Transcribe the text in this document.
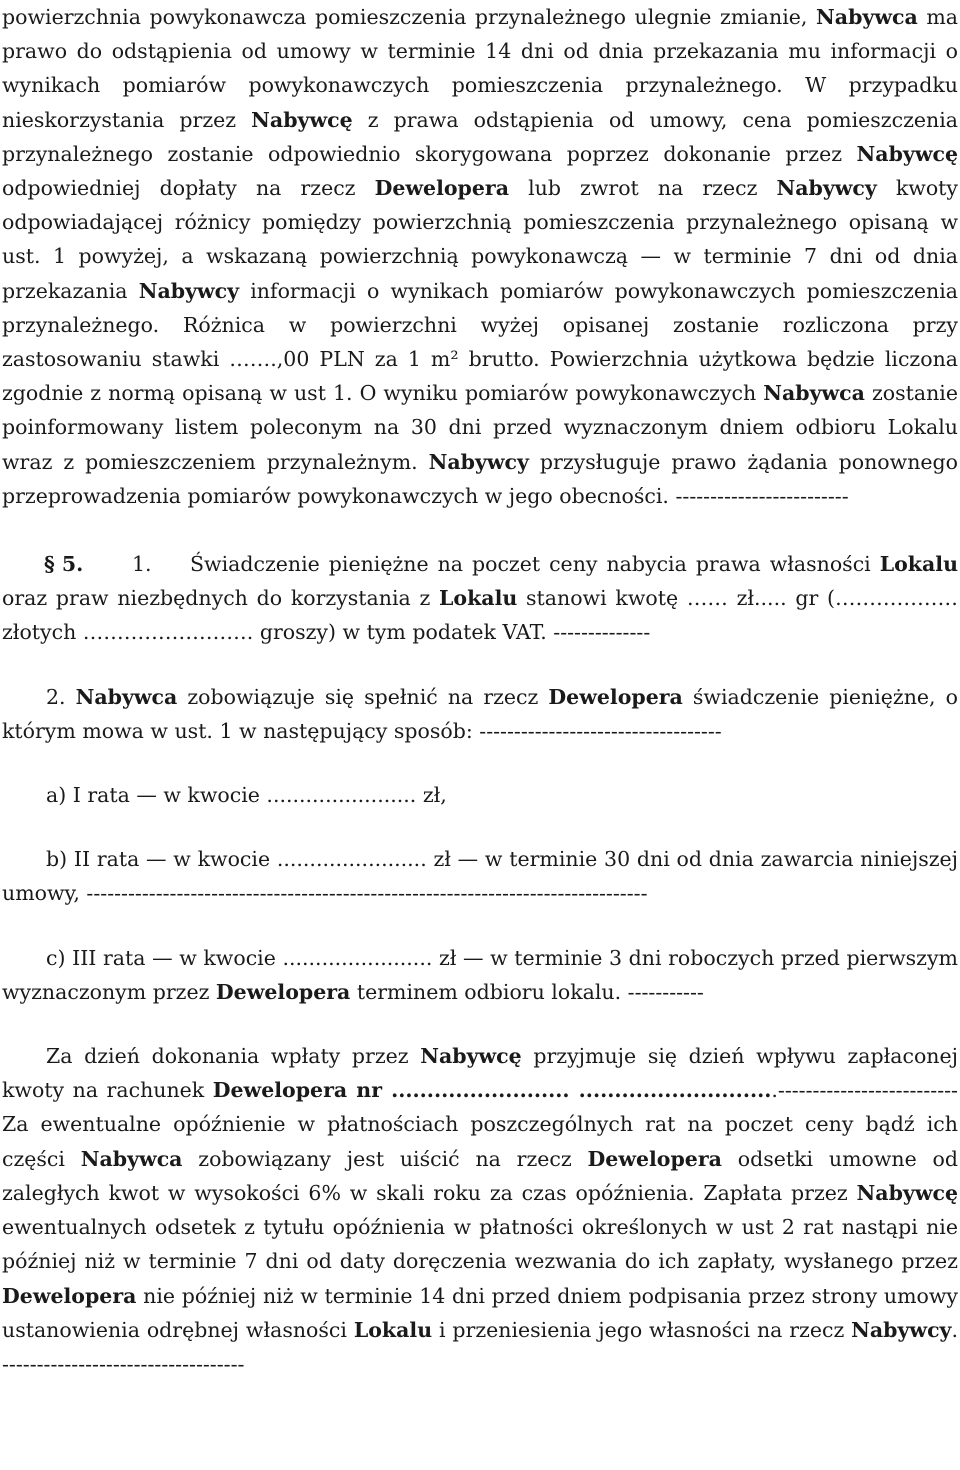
powierzchnia powykonawcza pomieszczenia przynależnego ulegnie zmianie, Nabywca ma prawo do odstąpienia od umowy w terminie 14 dni od dnia przekazania mu informacji o wynikach pomiarów powykonawczych pomieszczenia przynależnego. W przypadku nieskorzystania przez Nabywcę z prawa odstąpienia od umowy, cena pomieszczenia przynależnego zostanie odpowiednio skorygowana poprzez dokonanie przez Nabywcę odpowiedniej dopłaty na rzecz Dewelopera lub zwrot na rzecz Nabywcy kwoty odpowiadającej różnicy pomiędzy powierzchnią pomieszczenia przynależnego opisaną w ust. 1 powyżej, a wskazaną powierzchnią powykonawczą — w terminie 7 dni od dnia przekazania Nabywcy informacji o wynikach pomiarów powykonawczych pomieszczenia przynależnego. Różnica w powierzchni wyżej opisanej zostanie rozliczona przy zastosowaniu stawki …….,00 PLN za 1 m² brutto. Powierzchnia użytkowa będzie liczona zgodnie z normą opisaną w ust 1. O wyniku pomiarów powykonawczych Nabywca zostanie poinformowany listem poleconym na 30 dni przed wyznaczonym dniem odbioru Lokalu wraz z pomieszczeniem przynależnym. Nabywcy przysługuje prawo żądania ponownego przeprowadzenia pomiarów powykonawczych w jego obecności. -------------------------

§ 5. 1. Świadczenie pieniężne na poczet ceny nabycia prawa własności Lokalu oraz praw niezbędnych do korzystania z Lokalu stanowi kwotę …… zł..... gr (……………… złotych ……………………. groszy) w tym podatek VAT. --------------

2. Nabywca zobowiązuje się spełnić na rzecz Dewelopera świadczenie pieniężne, o którym mowa w ust. 1 w następujący sposób: -----------------------------------

a) I rata — w kwocie ....................... zł,

b) II rata — w kwocie ....................... zł — w terminie 30 dni od dnia zawarcia niniejszej umowy, ---------------------------------------------------------------------------------

c) III rata — w kwocie ....................... zł — w terminie 3 dni roboczych przed pierwszym wyznaczonym przez Dewelopera terminem odbioru lokalu. -----------

Za dzień dokonania wpłaty przez Nabywcę przyjmuje się dzień wpływu zapłaconej kwoty na rachunek Dewelopera nr ......................... ............................-------------------------- Za ewentualne opóźnienie w płatnościach poszczególnych rat na poczet ceny bądź ich części Nabywca zobowiązany jest uiścić na rzecz Dewelopera odsetki umowne od zaległych kwot w wysokości 6% w skali roku za czas opóźnienia. Zapłata przez Nabywcę ewentualnych odsetek z tytułu opóźnienia w płatności określonych w ust 2 rat nastąpi nie później niż w terminie 7 dni od daty doręczenia wezwania do ich zapłaty, wysłanego przez Dewelopera nie później niż w terminie 14 dni przed dniem podpisania przez strony umowy ustanowienia odrębnej własności Lokalu i przeniesienia jego własności na rzecz Nabywcy. -----------------------------------
